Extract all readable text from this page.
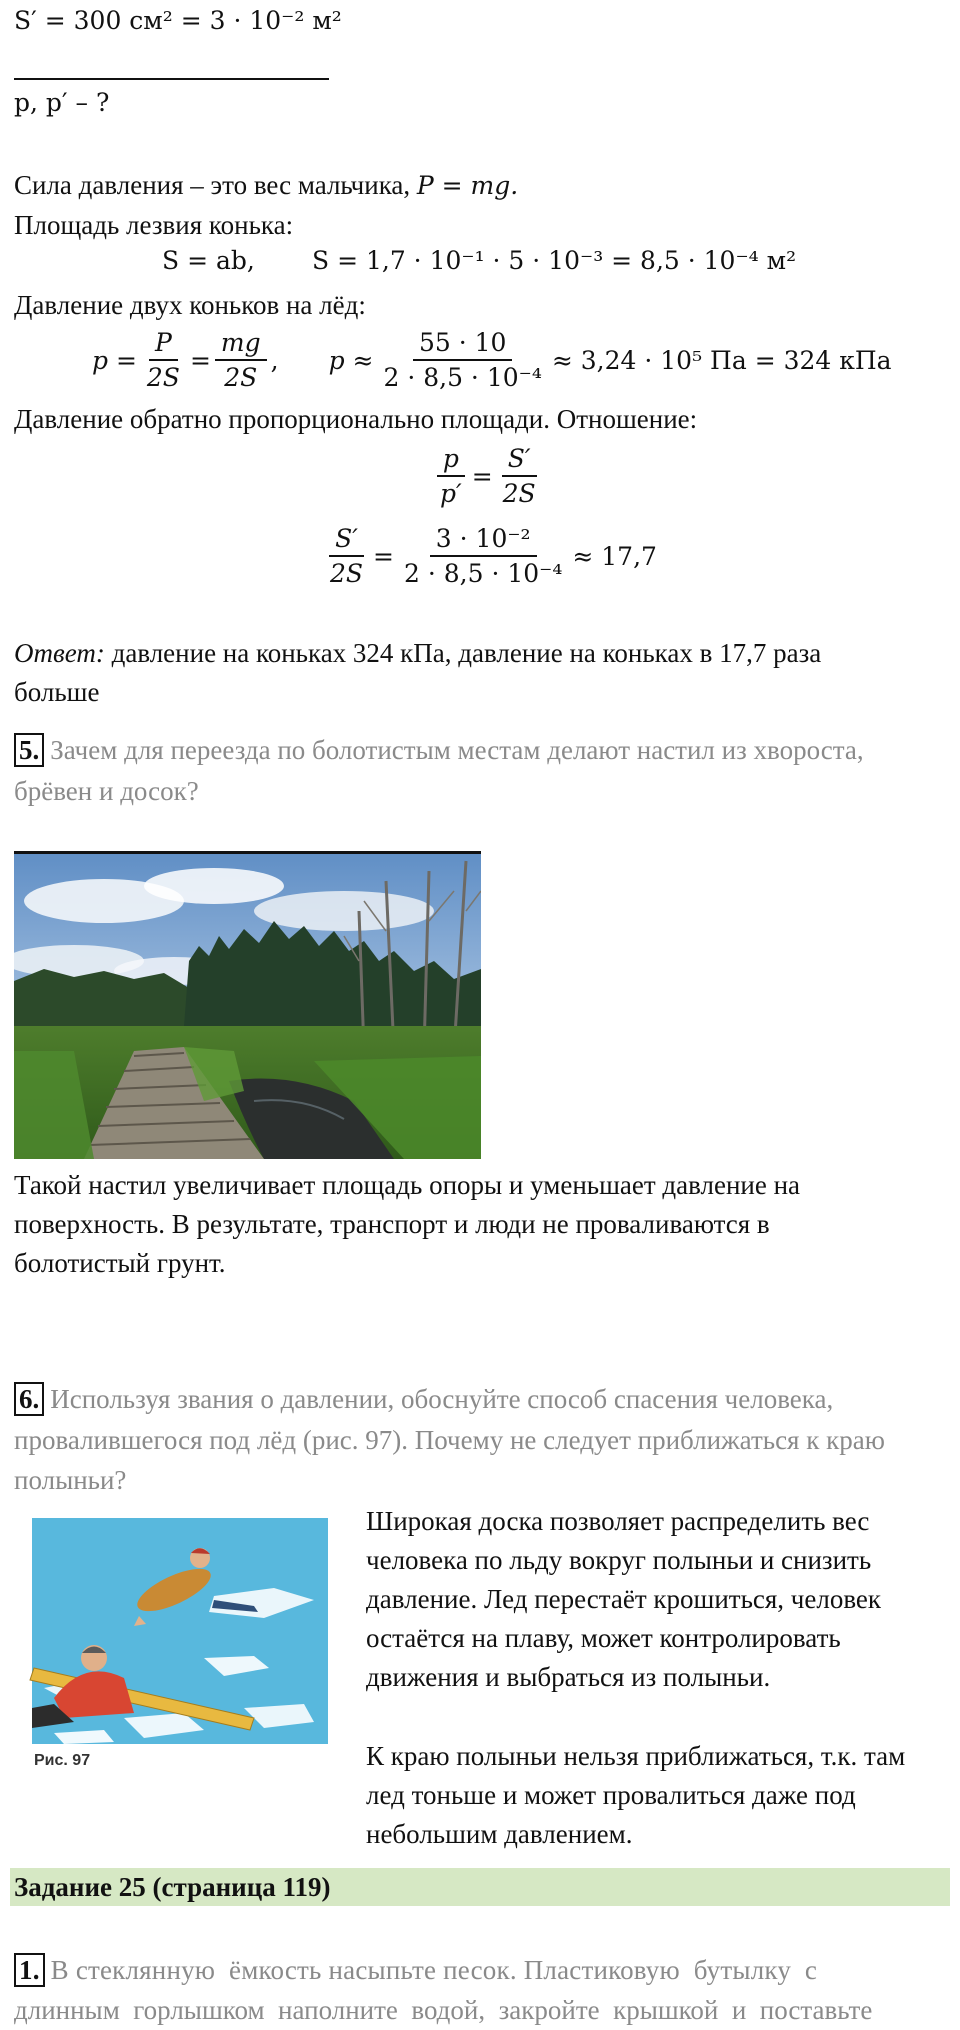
S′ = 300 см² = 3 · 10⁻² м²
p, p′ – ?
Сила давления – это вес мальчика, P = mg.
Площадь лезвия конька:
S = ab, S = 1,7 · 10⁻¹ · 5 · 10⁻³ = 8,5 · 10⁻⁴ м²
Давление двух коньков на лёд:
$p = \frac{P}{2S} = \frac{mg}{2S}$ , $p \approx \frac{55 \cdot 10}{\text{2 · 8,5 · 10⁻⁴}} \approx 3,24 \cdot 10^5$ Па = 324 кПа
Давление обратно пропорционально площади. Отношение:
$\frac{p}{p'} = \frac{S'}{2S}$
$\frac{S'}{2S} = \frac{\text{3 · 10⁻²}}{\text{2 · 8,5 · 10⁻⁴}} \approx 17,7$
Ответ: давление на коньках 324 кПа, давление на коньках в 17,7 раза
больше
5. Зачем для переезда по болотистым местам делают настил из хвороста,
брёвен и досок?
Такой настил увеличивает площадь опоры и уменьшает давление на
поверхность. В результате, транспорт и люди не проваливаются в
болотистый грунт.
6. Используя звания о давлении, обоснуйте способ спасения человека,
провалившегося под лёд (рис. 97). Почему не следует приближаться к краю
полыньи?
Рис. 97
Широкая доска позволяет распределить вес
человека по льду вокруг полыньи и снизить
давление. Лед перестаёт крошиться, человек
остаётся на плаву, может контролировать
движения и выбраться из полыньи.
К краю полыньи нельзя приближаться, т.к. там
лед тоньше и может провалиться даже под
небольшим давлением.
Задание 25 (страница 119)
1. В стеклянную  ёмкость насыпьте песок. Пластиковую  бутылку  с
длинным  горлышком  наполните  водой,  закройте  крышкой  и  поставьте
